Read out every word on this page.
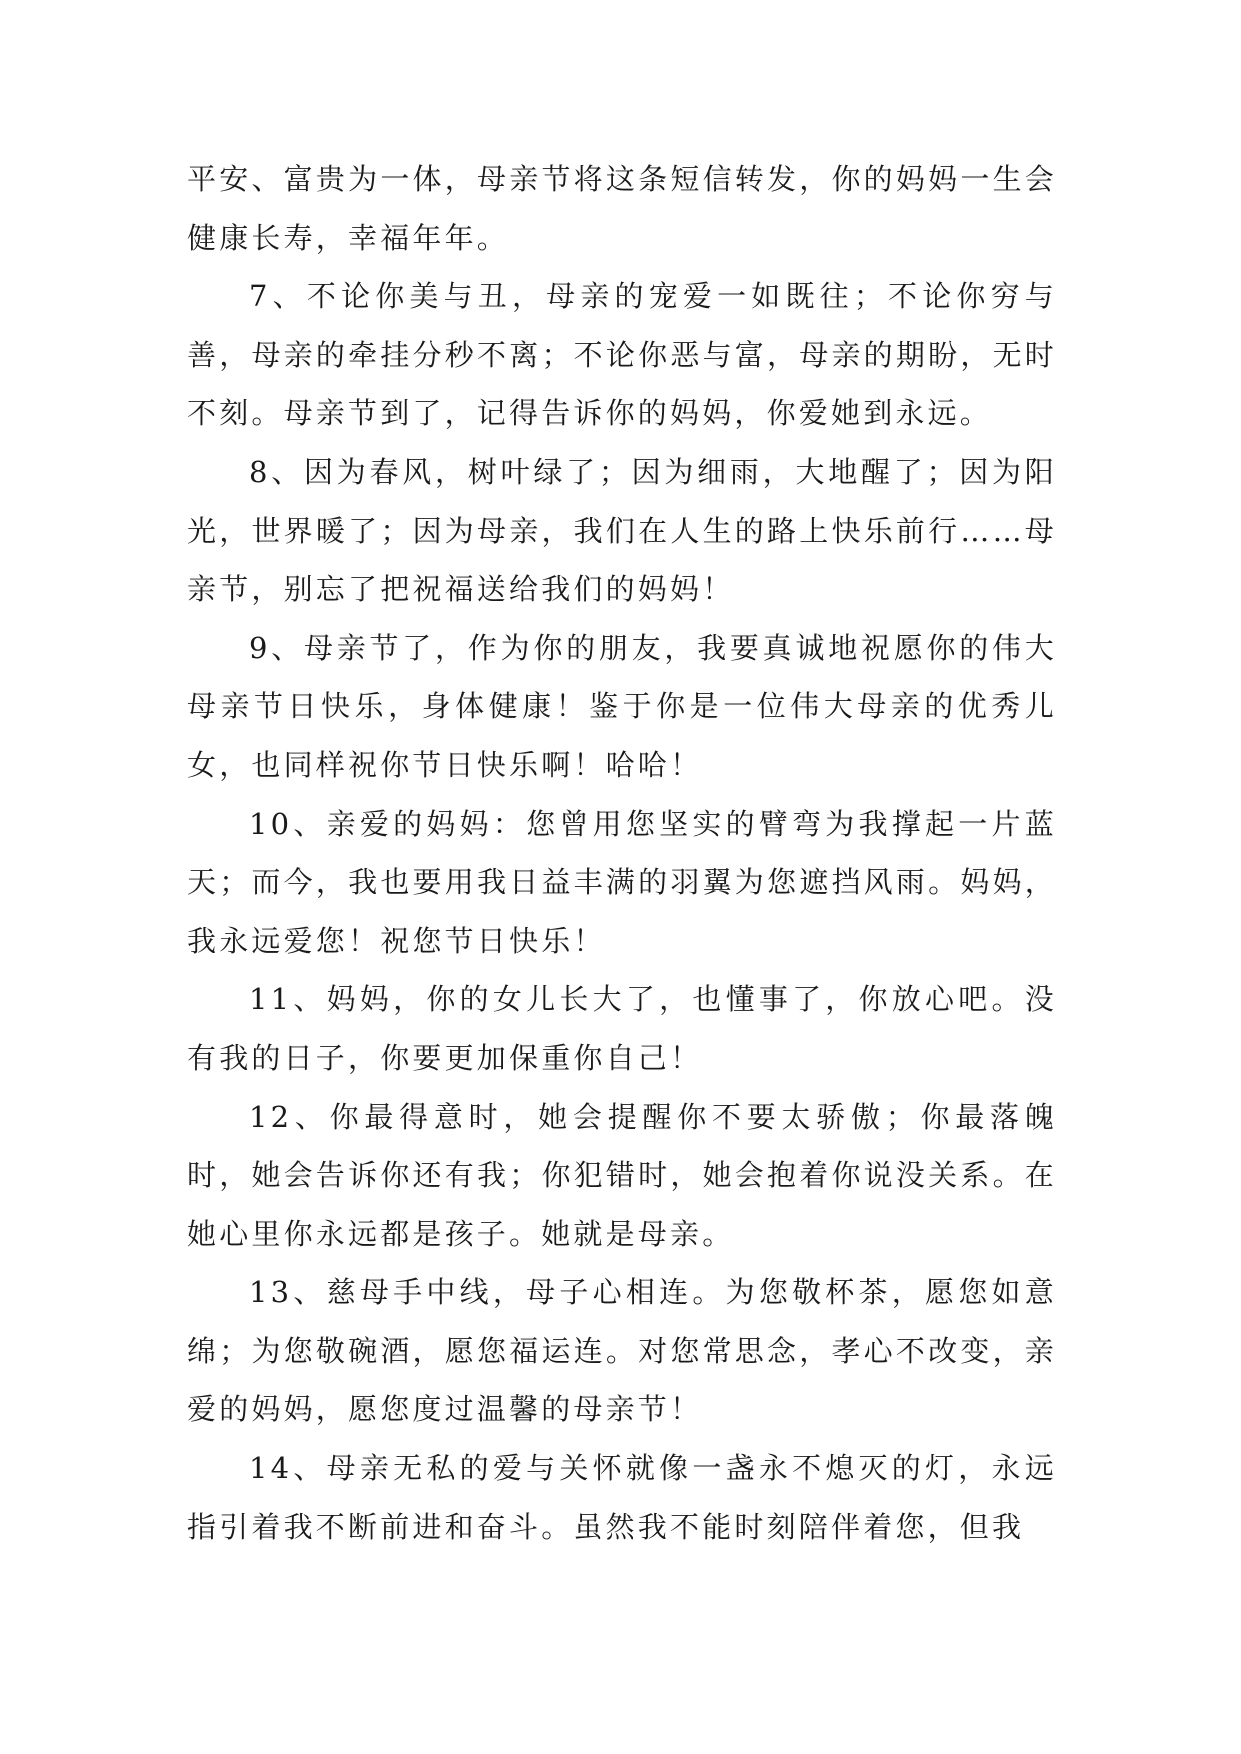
平安、富贵为一体，母亲节将这条短信转发，你的妈妈一生会健康长寿，幸福年年。

7、不论你美与丑，母亲的宠爱一如既往；不论你穷与善，母亲的牵挂分秒不离；不论你恶与富，母亲的期盼，无时不刻。母亲节到了，记得告诉你的妈妈，你爱她到永远。

8、因为春风，树叶绿了；因为细雨，大地醒了；因为阳光，世界暖了；因为母亲，我们在人生的路上快乐前行……母亲节，别忘了把祝福送给我们的妈妈！

9、母亲节了，作为你的朋友，我要真诚地祝愿你的伟大母亲节日快乐，身体健康！鉴于你是一位伟大母亲的优秀儿女，也同样祝你节日快乐啊！哈哈！

10、亲爱的妈妈：您曾用您坚实的臂弯为我撑起一片蓝天；而今，我也要用我日益丰满的羽翼为您遮挡风雨。妈妈，我永远爱您！祝您节日快乐！

11、妈妈，你的女儿长大了，也懂事了，你放心吧。没有我的日子，你要更加保重你自己！

12、你最得意时，她会提醒你不要太骄傲；你最落魄时，她会告诉你还有我；你犯错时，她会抱着你说没关系。在她心里你永远都是孩子。她就是母亲。

13、慈母手中线，母子心相连。为您敬杯茶，愿您如意绵；为您敬碗酒，愿您福运连。对您常思念，孝心不改变，亲爱的妈妈，愿您度过温馨的母亲节！

14、母亲无私的爱与关怀就像一盏永不熄灭的灯，永远指引着我不断前进和奋斗。虽然我不能时刻陪伴着您，但我
